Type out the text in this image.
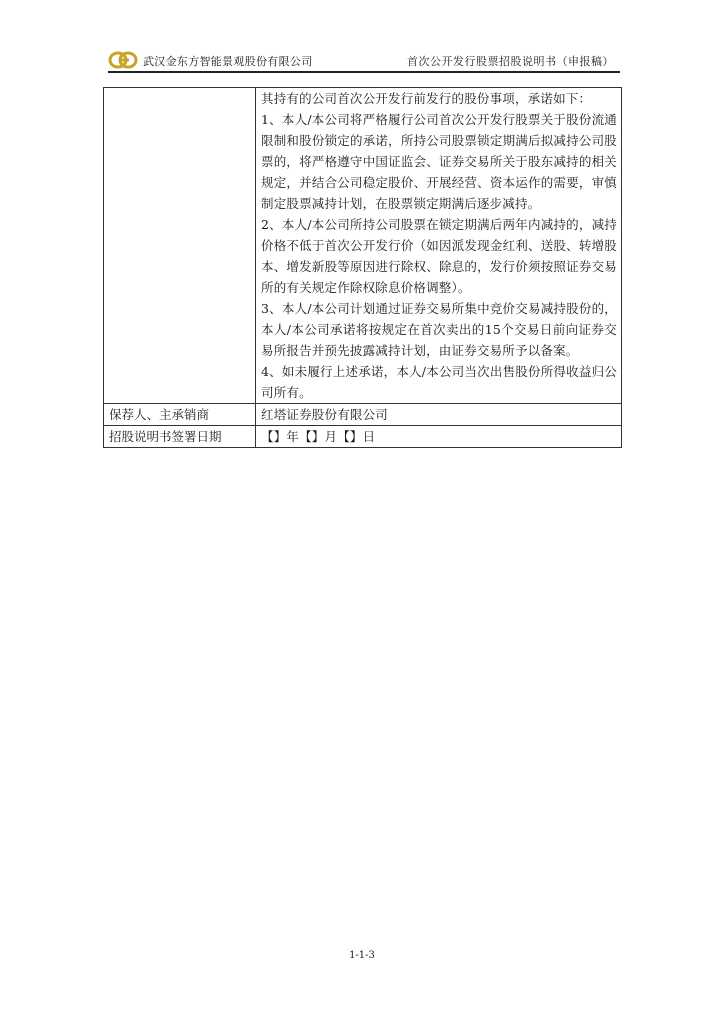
武汉金东方智能景观股份有限公司	首次公开发行股票招股说明书（申报稿）

	其持有的公司首次公开发行前发行的股份事项，承诺如下：
1、本人/本公司将严格履行公司首次公开发行股票关于股份流通限制和股份锁定的承诺，所持公司股票锁定期满后拟减持公司股票的，将严格遵守中国证监会、证券交易所关于股东减持的相关规定，并结合公司稳定股价、开展经营、资本运作的需要，审慎制定股票减持计划，在股票锁定期满后逐步减持。
2、本人/本公司所持公司股票在锁定期满后两年内减持的，减持价格不低于首次公开发行价（如因派发现金红利、送股、转增股本、增发新股等原因进行除权、除息的，发行价须按照证券交易所的有关规定作除权除息价格调整）。
3、本人/本公司计划通过证券交易所集中竞价交易减持股份的，本人/本公司承诺将按规定在首次卖出的15个交易日前向证券交易所报告并预先披露减持计划，由证券交易所予以备案。
4、如未履行上述承诺，本人/本公司当次出售股份所得收益归公司所有。

保荐人、主承销商	红塔证券股份有限公司
招股说明书签署日期	【】年【】月【】日
1-1-3
